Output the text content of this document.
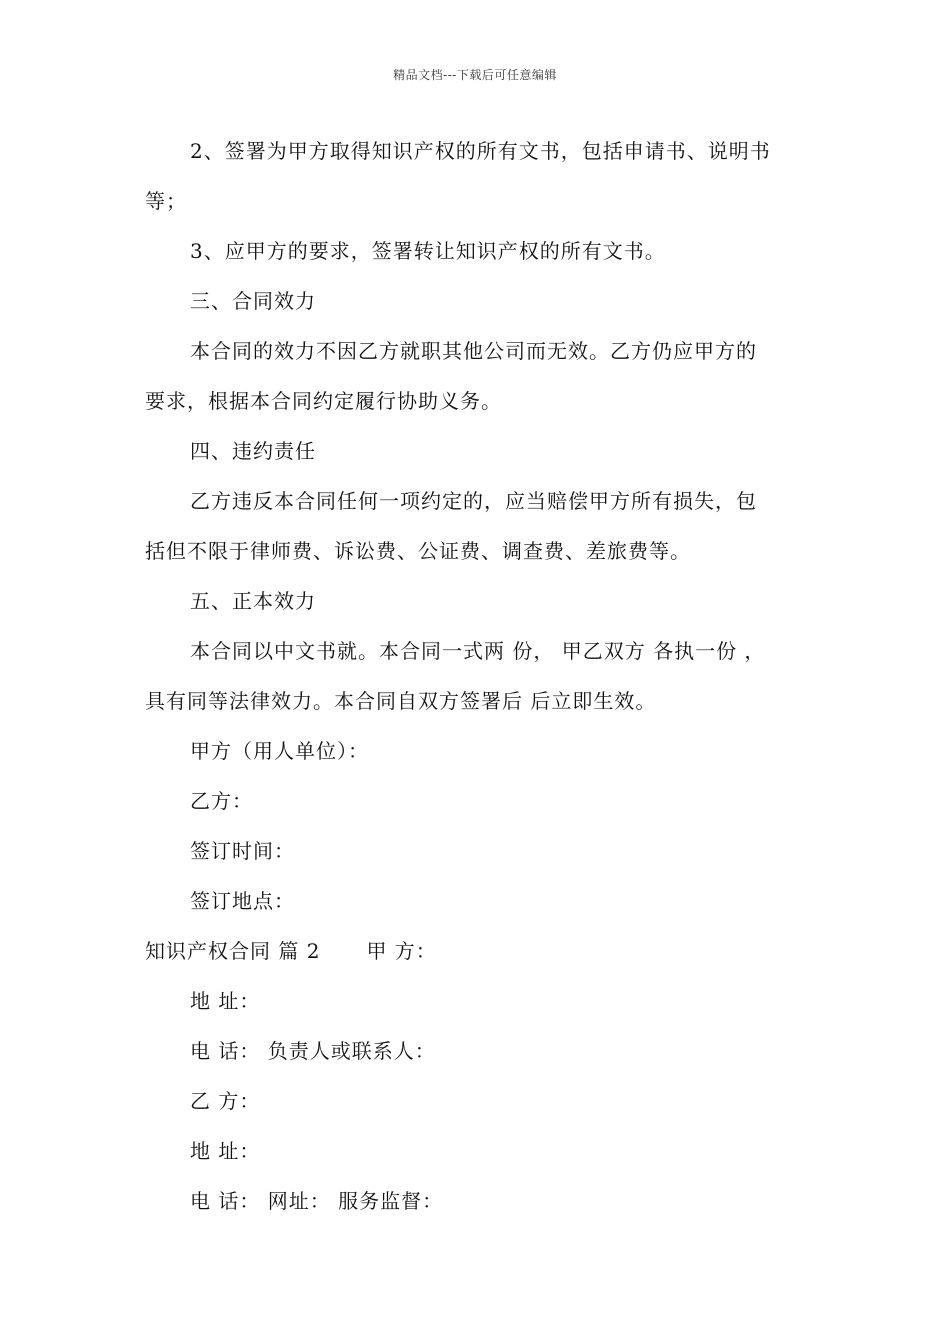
精品文档---下载后可任意编辑
2、签署为甲方取得知识产权的所有文书，包括申请书、说明书
等；
3、应甲方的要求，签署转让知识产权的所有文书。
三、合同效力
本合同的效力不因乙方就职其他公司而无效。乙方仍应甲方的
要求，根据本合同约定履行协助义务。
四、违约责任
乙方违反本合同任何一项约定的，应当赔偿甲方所有损失，包
括但不限于律师费、诉讼费、公证费、调查费、差旅费等。
五、正本效力
本合同以中文书就。本合同一式两 份， 甲乙双方 各执一份 ，
具有同等法律效力。本合同自双方签署后 后立即生效。
甲方（用人单位）：
乙方：
签订时间：
签订地点：
知识产权合同 篇 2 甲 方：
地 址：
电 话： 负责人或联系人：
乙 方：
地 址：
电 话： 网址： 服务监督：
